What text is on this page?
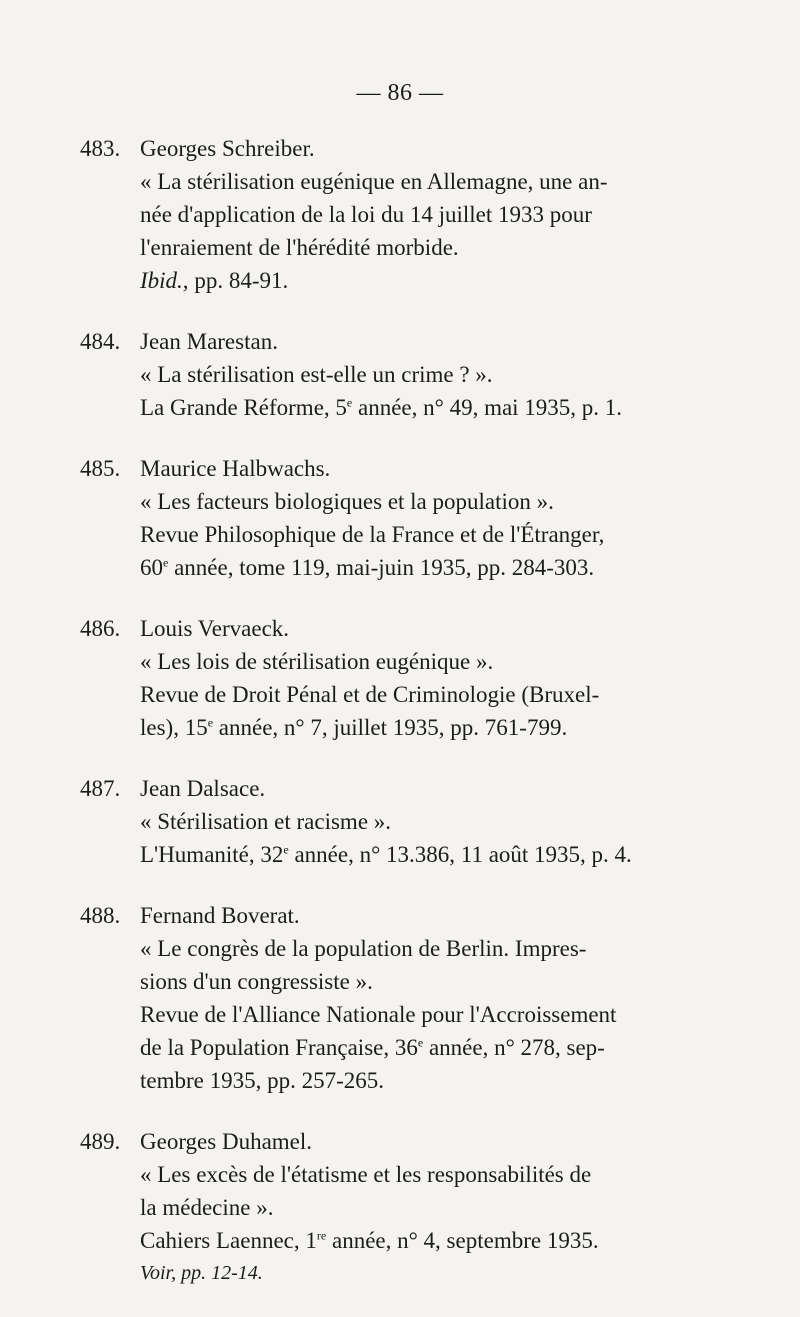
— 86 —
483. Georges Schreiber.
« La stérilisation eugénique en Allemagne, une an-
née d'application de la loi du 14 juillet 1933 pour
l'enraiement de l'hérédité morbide.
Ibid., pp. 84-91.
484. Jean Marestan.
« La stérilisation est-elle un crime ? ».
La Grande Réforme, 5e année, n° 49, mai 1935, p. 1.
485. Maurice Halbwachs.
« Les facteurs biologiques et la population ».
Revue Philosophique de la France et de l'Étranger,
60e année, tome 119, mai-juin 1935, pp. 284-303.
486. Louis Vervaeck.
« Les lois de stérilisation eugénique ».
Revue de Droit Pénal et de Criminologie (Bruxel-
les), 15e année, n° 7, juillet 1935, pp. 761-799.
487. Jean Dalsace.
« Stérilisation et racisme ».
L'Humanité, 32e année, n° 13.386, 11 août 1935, p. 4.
488. Fernand Boverat.
« Le congrès de la population de Berlin. Impres-
sions d'un congressiste ».
Revue de l'Alliance Nationale pour l'Accroissement
de la Population Française, 36e année, n° 278, sep-
tembre 1935, pp. 257-265.
489. Georges Duhamel.
« Les excès de l'étatisme et les responsabilités de
la médecine ».
Cahiers Laennec, 1re année, n° 4, septembre 1935.
Voir, pp. 12-14.
